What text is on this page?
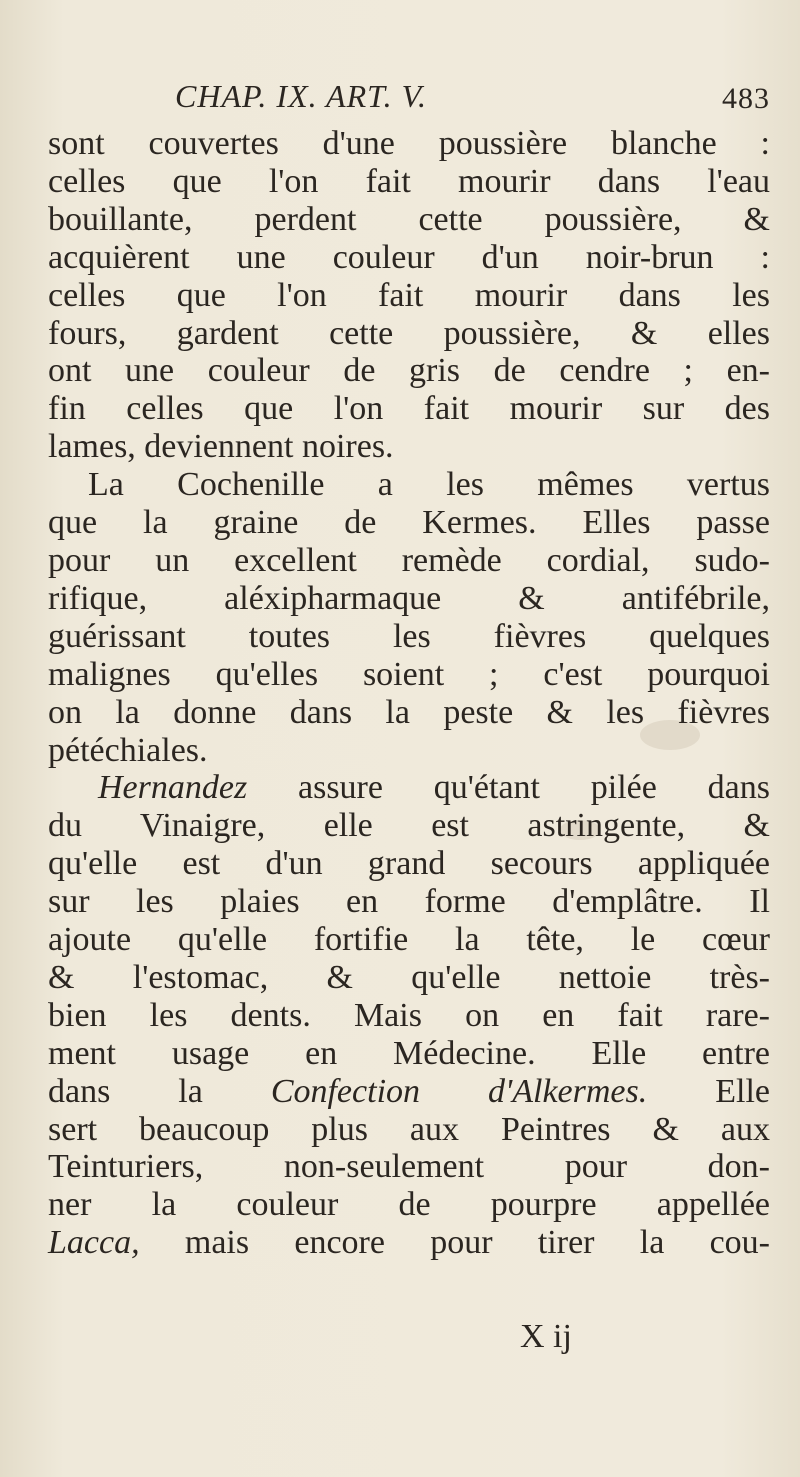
CHAP. IX. ART. V.	483
sont couvertes d'une poussière blanche :
celles que l'on fait mourir dans l'eau
bouillante, perdent cette poussière, &
acquièrent une couleur d'un noir-brun :
celles que l'on fait mourir dans les
fours, gardent cette poussière, & elles
ont une couleur de gris de cendre ; en-
fin celles que l'on fait mourir sur des
lames, deviennent noires.
La Cochenille a les mêmes vertus
que la graine de Kermes. Elles passe
pour un excellent remède cordial, sudo-
rifique, aléxipharmaque & antifébrile,
guérissant toutes les fièvres quelques
malignes qu'elles soient ; c'est pourquoi
on la donne dans la peste & les fièvres
pétéchiales.
Hernandez assure qu'étant pilée dans
du Vinaigre, elle est astringente, &
qu'elle est d'un grand secours appliquée
sur les plaies en forme d'emplâtre. Il
ajoute qu'elle fortifie la tête, le cœur
& l'estomac, & qu'elle nettoie très-
bien les dents. Mais on en fait rare-
ment usage en Médecine. Elle entre
dans la Confection d'Alkermes. Elle
sert beaucoup plus aux Peintres & aux
Teinturiers, non-seulement pour don-
ner la couleur de pourpre appellée
Lacca, mais encore pour tirer la cou-
X ij
